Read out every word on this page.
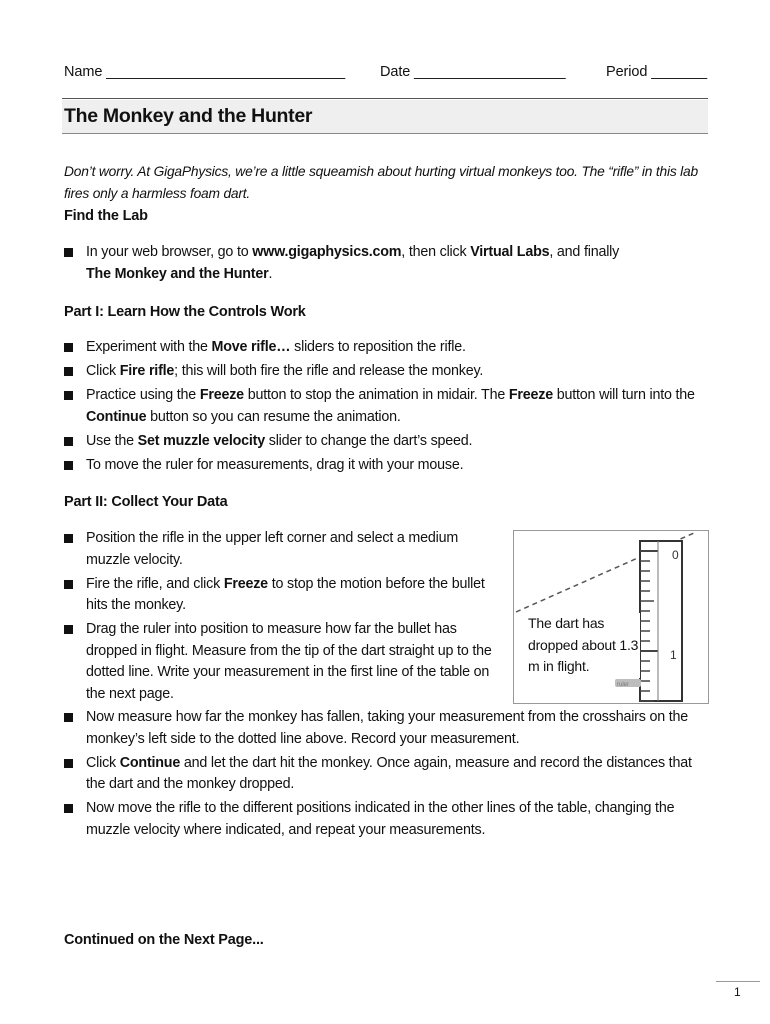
Name ______________________________ Date ___________________	Period _______
The Monkey and the Hunter

Don’t worry. At GigaPhysics, we’re a little squeamish about hurting virtual monkeys too. The “rifle” in this lab fires only a harmless foam dart.

Find the Lab
In your web browser, go to www.gigaphysics.com, then click Virtual Labs, and finally
The Monkey and the Hunter.
Part I: Learn How the Controls Work
Experiment with the Move rifle… sliders to reposition the rifle.
Click Fire rifle; this will both fire the rifle and release the monkey.
Practice using the Freeze button to stop the animation in midair. The Freeze button will turn into the Continue button so you can resume the animation.
Use the Set muzzle velocity slider to change the dart’s speed.
To move the ruler for measurements, drag it with your mouse.
Part II: Collect Your Data
Position the rifle in the upper left corner and select a medium muzzle velocity.
Fire the rifle, and click Freeze to stop the motion before the bullet hits the monkey.
Drag the ruler into position to measure how far the bullet has dropped in flight. Measure from the tip of the dart straight up to the dotted line. Write your measurement in the first line of the table on the next page.
Now measure how far the monkey has fallen, taking your measurement from the crosshairs on the monkey’s left side to the dotted line above. Record your measurement.
Click Continue and let the dart hit the monkey. Once again, measure and record the distances that the dart and the monkey dropped.
Now move the rifle to the different positions indicated in the other lines of the table, changing the muzzle velocity where indicated, and repeat your measurements.
0
1
ruler
The dart has dropped about 1.3 m in flight.

Continued on the Next Page...

1
